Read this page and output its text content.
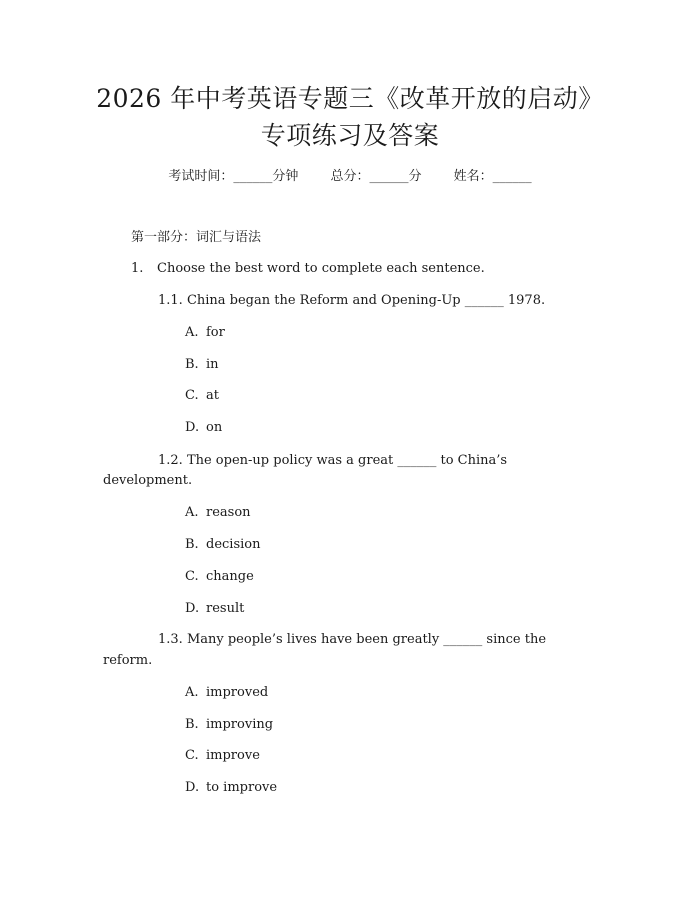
2026 年中考英语专题三《改革开放的启动》
专项练习及答案
考试时间：______分钟 总分：______分 姓名：______
第一部分：词汇与语法
1. Choose the best word to complete each sentence.
1.1. China began the Reform and Opening-Up ______ 1978.
A. for
B. in
C. at
D. on
1.2. The open-up policy was a great ______ to China’s
development.
A. reason
B. decision
C. change
D. result
1.3. Many people’s lives have been greatly ______ since the
reform.
A. improved
B. improving
C. improve
D. to improve
